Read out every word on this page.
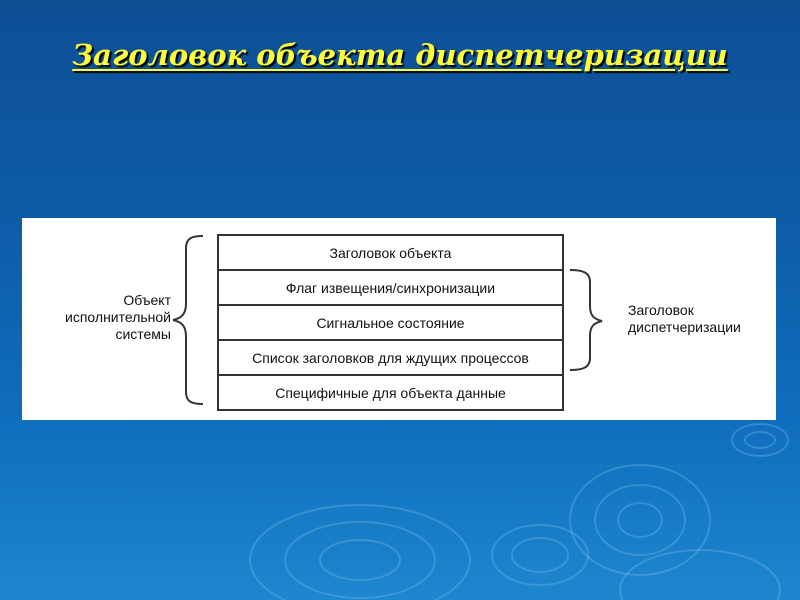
Заголовок объекта диспетчеризации
Заголовок объекта
Флаг извещения/синхронизации
Сигнальное состояние
Список заголовков для ждущих процессов
Специфичные для объекта данные
Объект
исполнительной
системы
Заголовок
диспетчеризации
